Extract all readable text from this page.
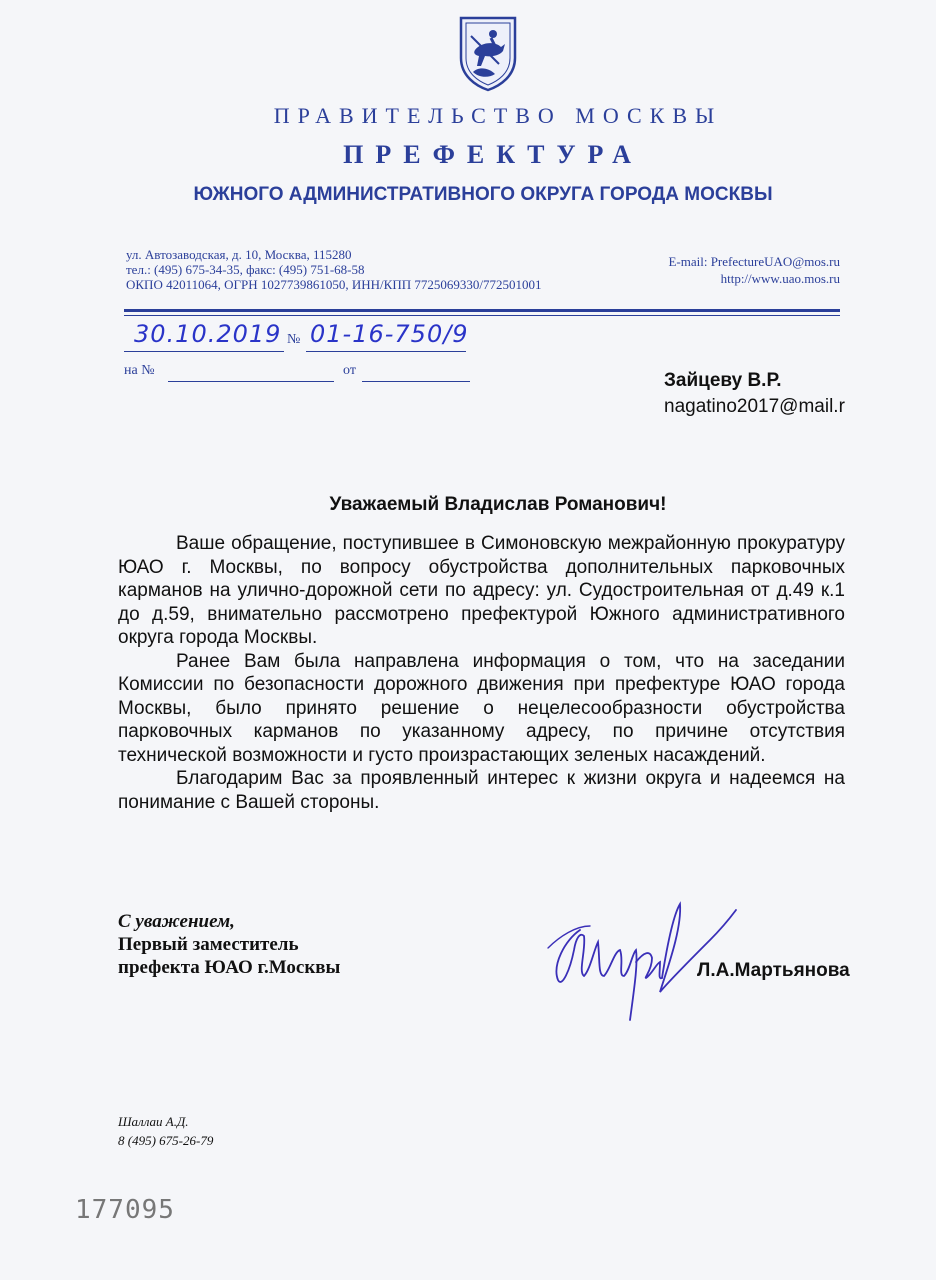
ПРАВИТЕЛЬСТВО МОСКВЫ
ПРЕФЕКТУРА
ЮЖНОГО АДМИНИСТРАТИВНОГО ОКРУГА ГОРОДА МОСКВЫ
ул. Автозаводская, д. 10, Москва, 115280
тел.: (495) 675-34-35, факс: (495) 751-68-58
ОКПО 42011064, ОГРН 1027739861050, ИНН/КПП 7725069330/772501001
E-mail: PrefectureUAO@mos.ru
http://www.uao.mos.ru
30.10.2019 № 01-16-750/9
на №	от	Зайцеву В.Р.
nagatino2017@mail.r
Уважаемый Владислав Романович!

Ваше обращение, поступившее в Симоновскую межрайонную прокуратуру ЮАО г. Москвы, по вопросу обустройства дополнительных парковочных карманов на улично-дорожной сети по адресу: ул. Судостроительная от д.49 к.1 до д.59, внимательно рассмотрено префектурой Южного административного округа города Москвы.

Ранее Вам была направлена информация о том, что на заседании Комиссии по безопасности дорожного движения при префектуре ЮАО города Москвы, было принято решение о нецелесообразности обустройства парковочных карманов по указанному адресу, по причине отсутствия технической возможности и густо произрастающих зеленых насаждений.

Благодарим Вас за проявленный интерес к жизни округа и надеемся на понимание с Вашей стороны.

С уважением,
Первый заместитель
префекта ЮАО г.Москвы	Л.А.Мартьянова
Шаллаи А.Д.
8 (495) 675-26-79
177095
